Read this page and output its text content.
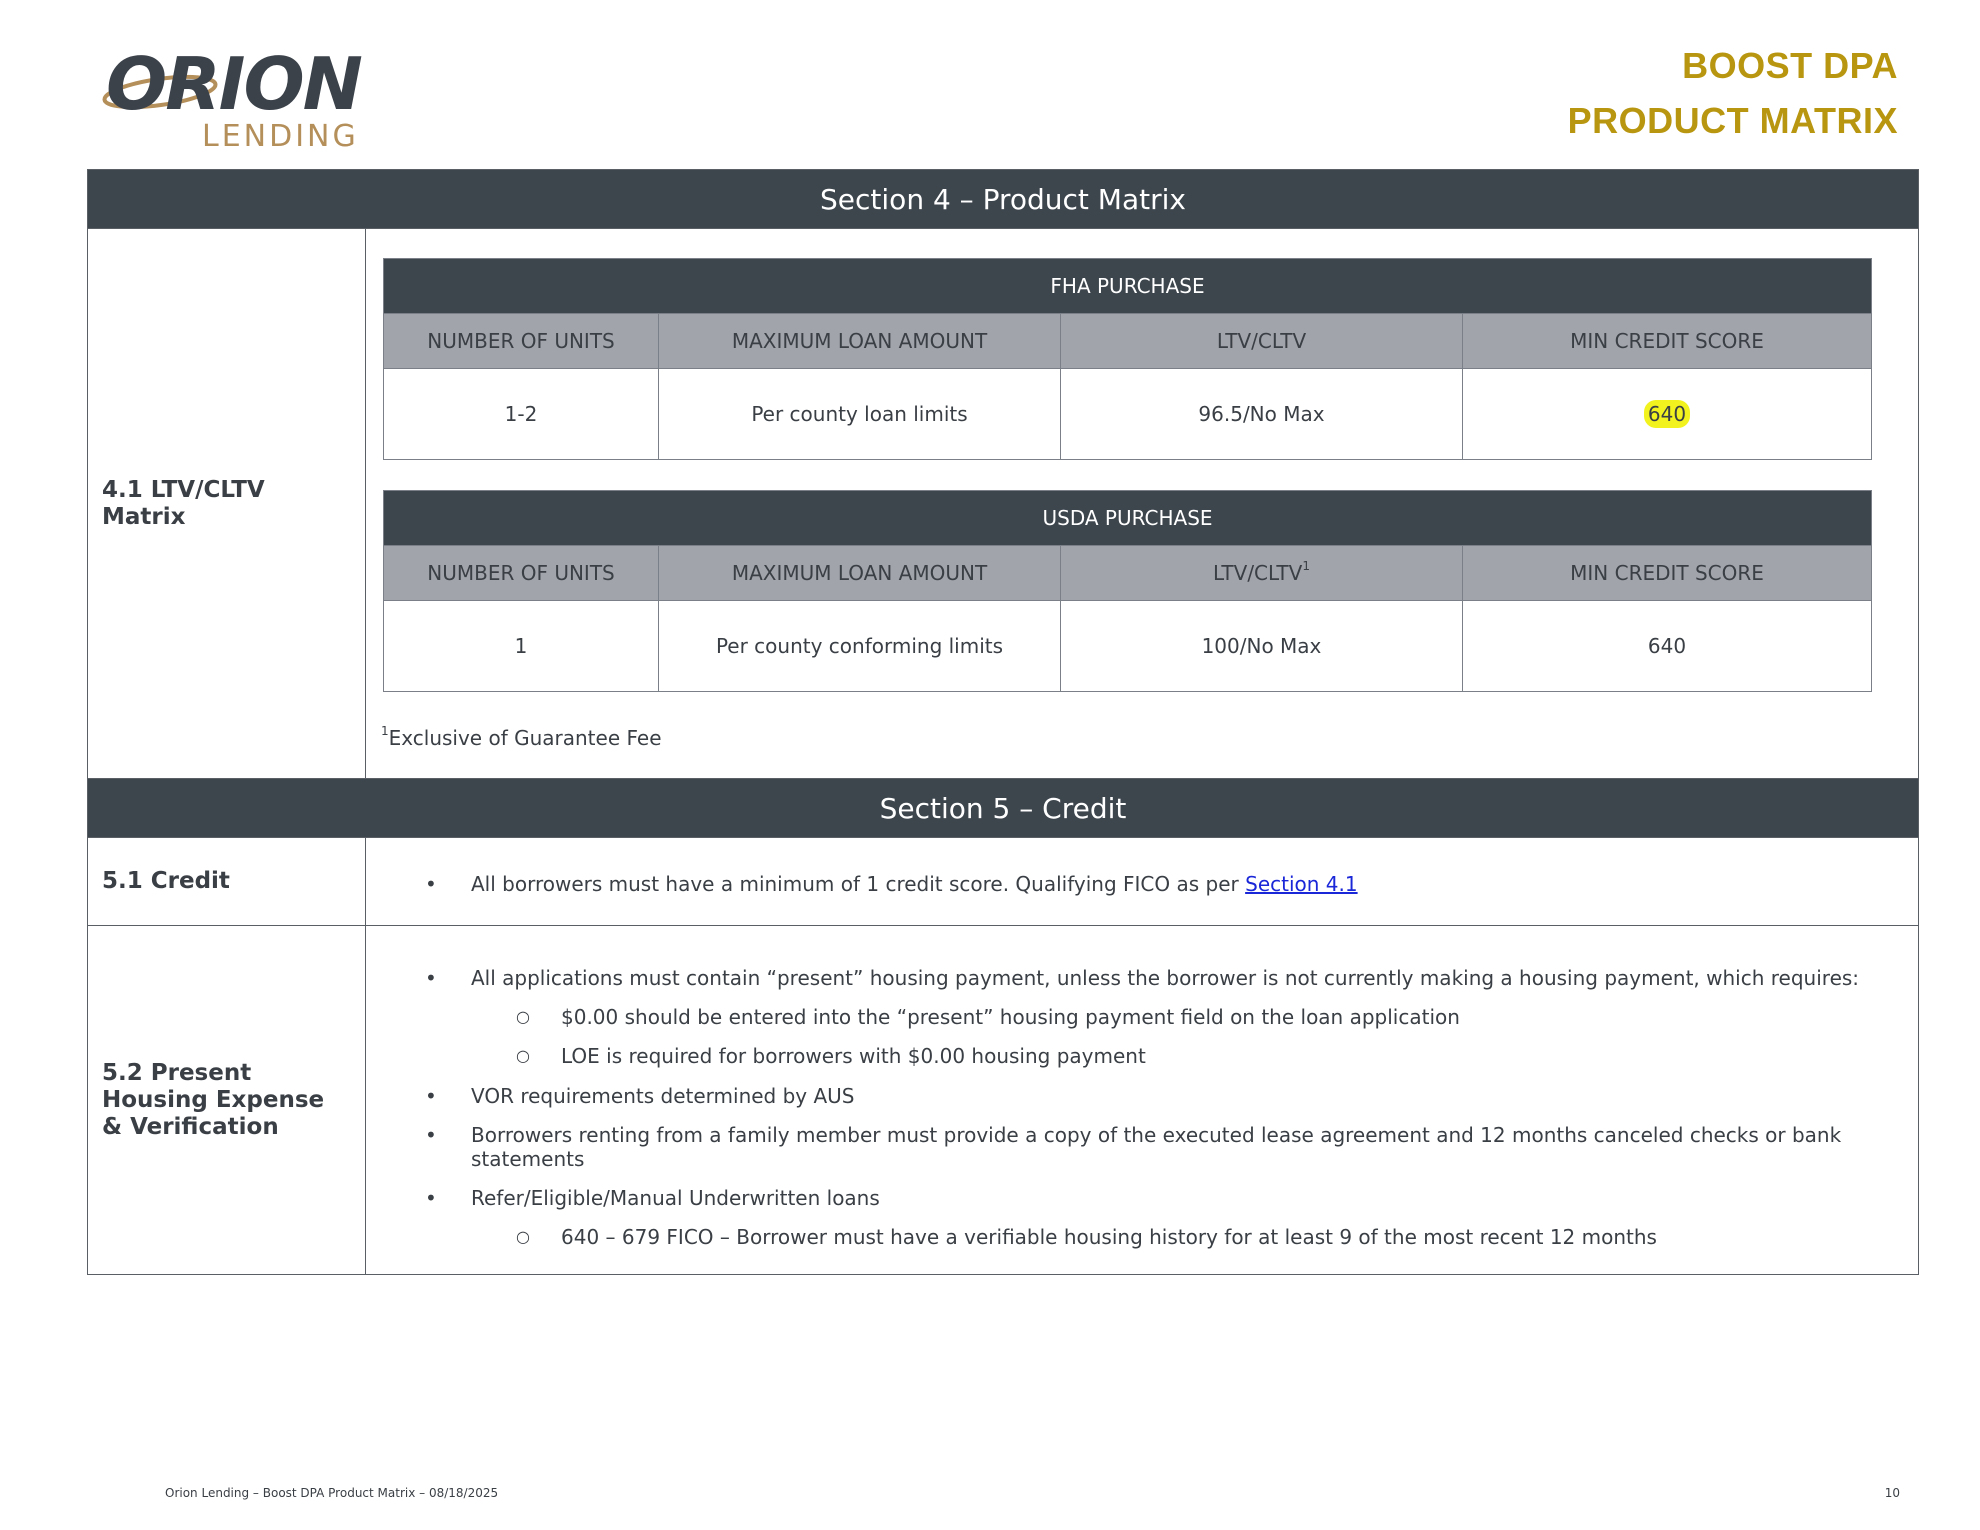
ORION
LENDING
BOOST DPA
PRODUCT MATRIX
Section 4 – Product Matrix
4.1 LTV/CLTV Matrix
FHA PURCHASE			
NUMBER OF UNITS	MAXIMUM LOAN AMOUNT	LTV/CLTV	MIN CREDIT SCORE
1-2	Per county loan limits	96.5/No Max	640
USDA PURCHASE			
NUMBER OF UNITS	MAXIMUM LOAN AMOUNT	LTV/CLTV$^1$	MIN CREDIT SCORE
1	Per county conforming limits	100/No Max	640
$^1$Exclusive of Guarantee Fee
Section 5 – Credit
5.1 Credit	• All borrowers must have a minimum of 1 credit score. Qualifying FICO as per Section 4.1
5.2 Present Housing Expense & Verification
• All applications must contain “present” housing payment, unless the borrower is not currently making a housing payment, which requires:
○ $0.00 should be entered into the “present” housing payment field on the loan application
○ LOE is required for borrowers with $0.00 housing payment
• VOR requirements determined by AUS
• Borrowers renting from a family member must provide a copy of the executed lease agreement and 12 months canceled checks or bank statements
• Refer/Eligible/Manual Underwritten loans
○ 640 – 679 FICO – Borrower must have a verifiable housing history for at least 9 of the most recent 12 months
Orion Lending – Boost DPA Product Matrix – 08/18/2025	10
